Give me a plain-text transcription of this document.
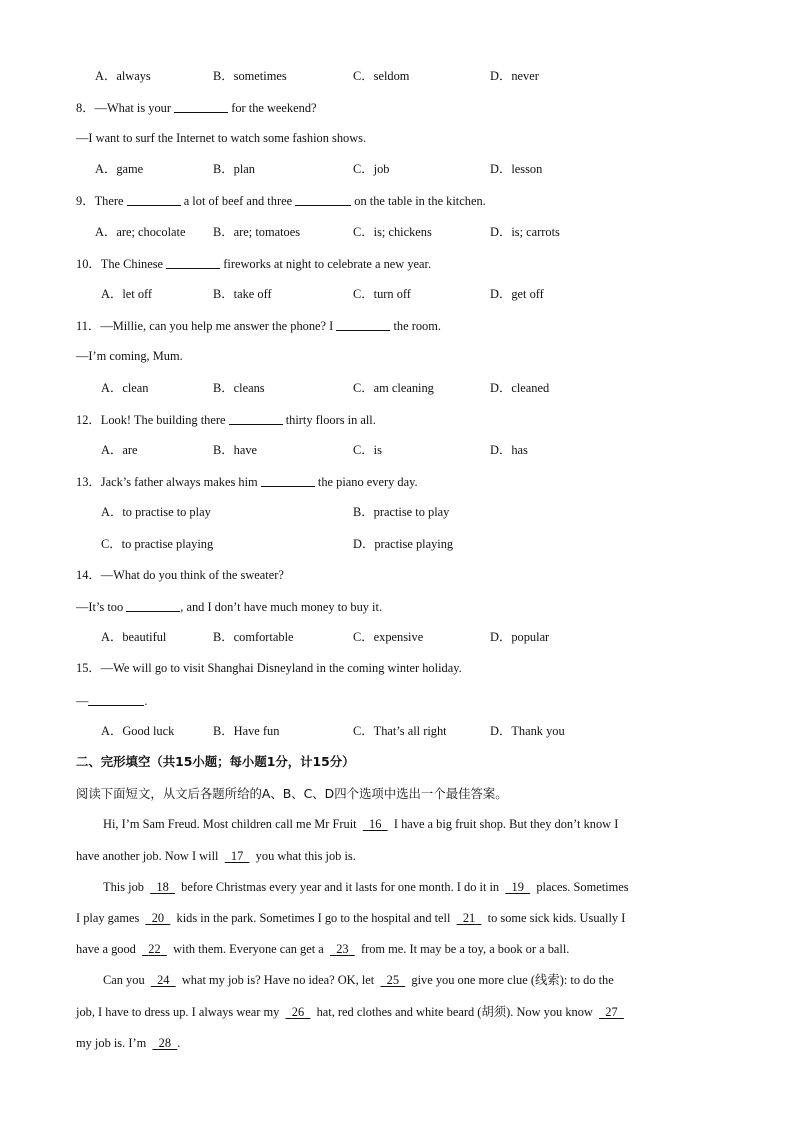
A．always	B．sometimes	C．seldom	D．never
8．—What is your	for the weekend?
—I want to surf the Internet to watch some fashion shows.
A．game	B．plan	C．job	D．lesson
9．There	a lot of beef and three	on the table in the kitchen.
A．are; chocolate B．are; tomatoes	C．is; chickens	D．is; carrots
10．The Chinese	fireworks at night to celebrate a new year.
A．let off	B．take off	C．turn off	D．get off
11．—Millie, can you help me answer the phone? I	the room.
—I’m coming, Mum.
A．clean	B．cleans	C．am cleaning	D．cleaned
12．Look! The building there	thirty floors in all.
A．are	B．have	C．is	D．has
13．Jack’s father always makes him	the piano every day.
A．to practise to play	B．practise to play
C．to practise playing	D．practise playing
14．—What do you think of the sweater?
—It’s too	, and I don’t have much money to buy it.
A．beautiful	B．comfortable	C．expensive	D．popular
15．—We will go to visit Shanghai Disneyland in the coming winter holiday.
—	.
A．Good luck	B．Have fun	C．That’s all right	D．Thank you
二、完形填空（共15小题；每小题1分，计15分）
阅读下面短文，从文后各题所给的A、B、C、D四个选项中选出一个最佳答案。
Hi, I’m Sam Freud. Most children call me Mr Fruit 16 I have a big fruit shop. But they don’t know I
have another job. Now I will 17 you what this job is.
This job 18 before Christmas every year and it lasts for one month. I do it in 19 places. Sometimes
I play games 20 kids in the park. Sometimes I go to the hospital and tell 21 to some sick kids. Usually I
have a good 22 with them. Everyone can get a 23 from me. It may be a toy, a book or a ball.
Can you 24 what my job is? Have no idea? OK, let 25 give you one more clue (线索): to do the
job, I have to dress up. I always wear my 26 hat, red clothes and white beard (胡须). Now you know 27
my job is. I’m 28 .
